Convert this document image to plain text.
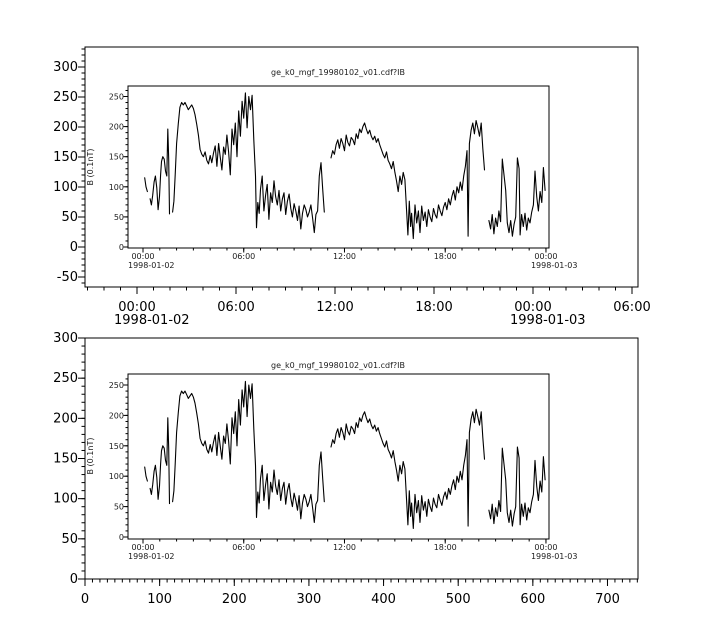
00:00
1998-01-02
06:00	12:00	18:00	00:00
1998-01-03
06:00
300
250
200
150
100
50
0
-50
ge_k0_mgf_19980102_v01.cdf?IB
B (0.1nT)
00:00
1998-01-02
06:00	12:00	18:00	00:00
1998-01-03
250
200
150
100
50
0
0	100	200	300	400	500	600	700
300
250
200
150
100
50
0
ge_k0_mgf_19980102_v01.cdf?IB
B (0.1nT)
00:00
1998-01-02
06:00	12:00	18:00	00:00
1998-01-03
250
200
150
100
50
0
